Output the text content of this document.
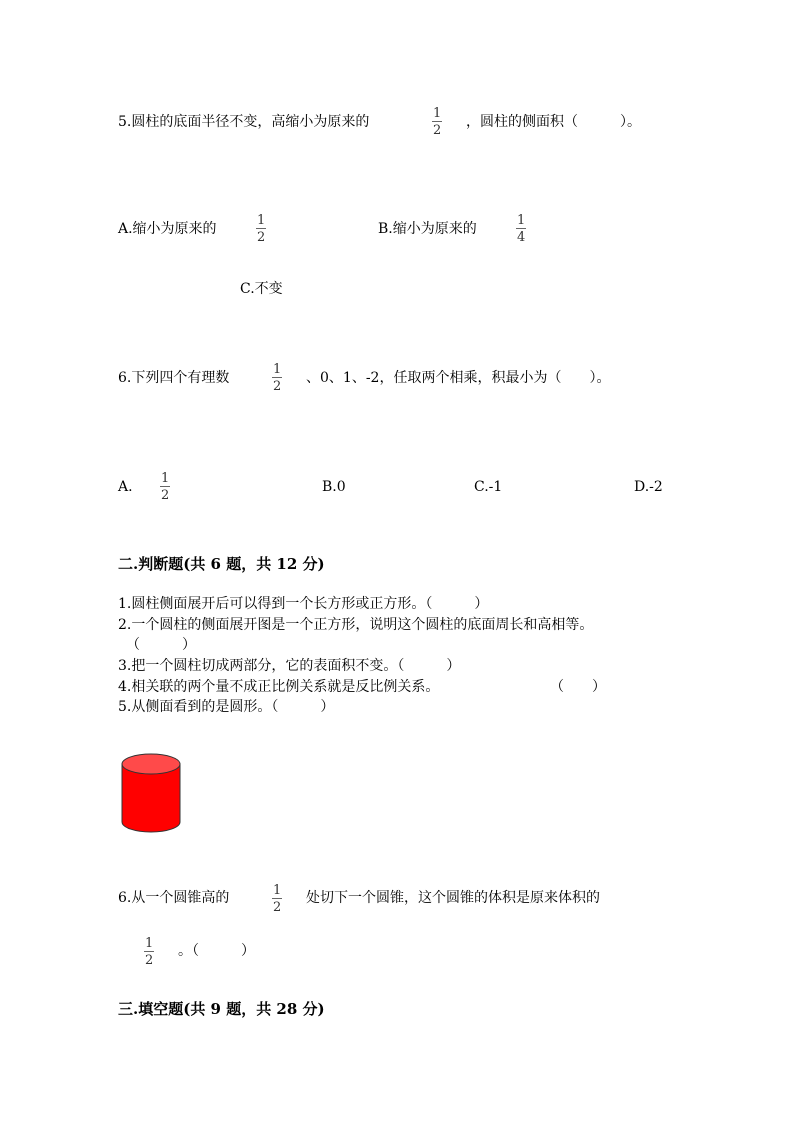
5.圆柱的底面半径不变，高缩小为原来的
1
2
，圆柱的侧面积（　　　）。
A.缩小为原来的
1
2
B.缩小为原来的
1
4
C.不变
6.下列四个有理数
1
2
、0、1、-2，任取两个相乘，积最小为（　　）。
A.
1
2
B.0	C.-1	D.-2
二.判断题(共 6 题，共 12 分)
1.圆柱侧面展开后可以得到一个长方形或正方形。（　　　）
2.一个圆柱的侧面展开图是一个正方形，说明这个圆柱的底面周长和高相等。
（　　　）
3.把一个圆柱切成两部分，它的表面积不变。（　　　）
4.相关联的两个量不成正比例关系就是反比例关系。	（　　）
5.从侧面看到的是圆形。（　　　）
6.从一个圆锥高的	1
2
处切下一个圆锥，这个圆锥的体积是原来体积的
1
2
。（　　　）
三.填空题(共 9 题，共 28 分)
